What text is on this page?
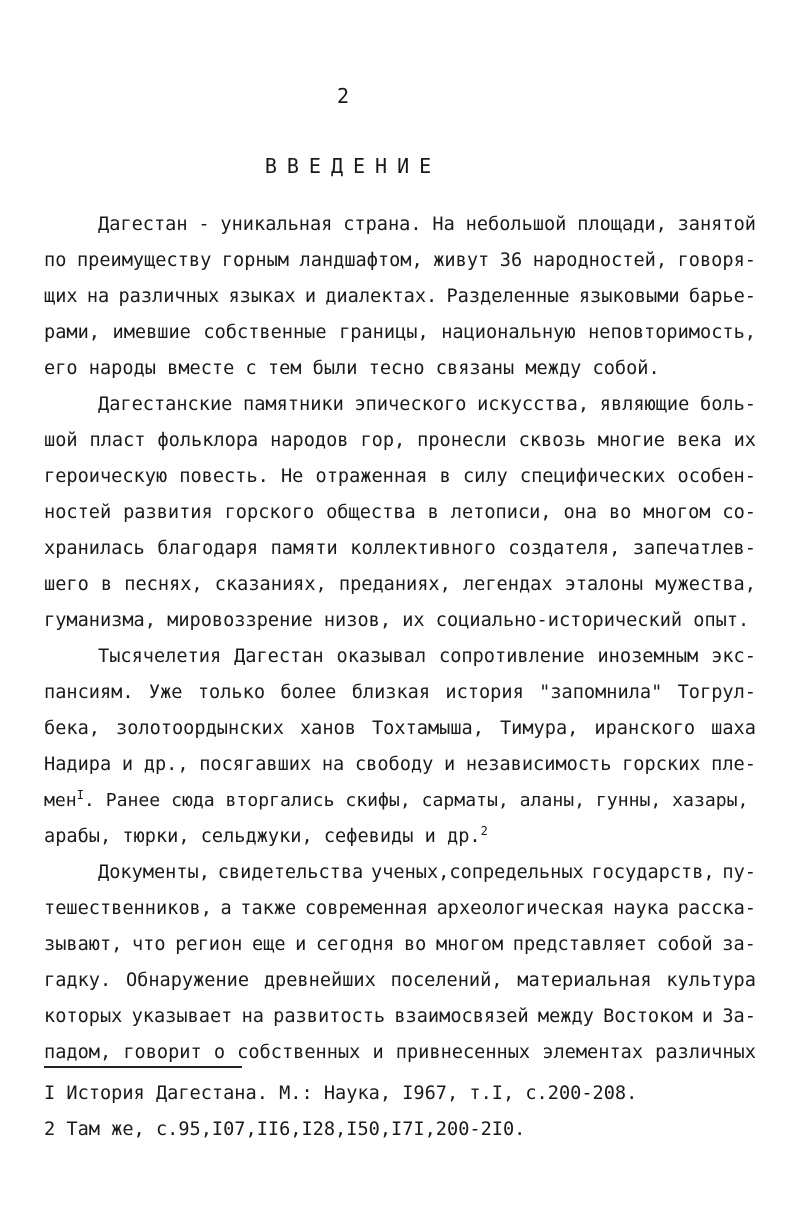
2
ВВЕДЕНИЕ
Дагестан - уникальная страна. На небольшой площади, занятой
по преимуществу горным ландшафтом, живут 36 народностей, говоря-
щих на различных языках и диалектах. Разделенные языковыми барье-
рами, имевшие собственные границы, национальную неповторимость,
его народы вместе с тем были тесно связаны между собой.
Дагестанские памятники эпического искусства, являющие боль-
шой пласт фольклора народов гор, пронесли сквозь многие века их
героическую повесть. Не отраженная в силу специфических особен-
ностей развития горского общества в летописи, она во многом со-
хранилась благодаря памяти коллективного создателя, запечатлев-
шего в песнях, сказаниях, преданиях, легендах эталоны мужества,
гуманизма, мировоззрение низов, их социально-исторический опыт.
Тысячелетия Дагестан оказывал сопротивление иноземным экс-
пансиям. Уже только более близкая история "запомнила" Тогрул-
бека, золотоордынских ханов Тохтамыша, Тимура, иранского шаха
Надира и др., посягавших на свободу и независимость горских пле-
мен$^I$. Ранее сюда вторгались скифы, сарматы, аланы, гунны, хазары,
арабы, тюрки, сельджуки, сефевиды и др.$^2$
Документы, свидетельства ученых,сопредельных государств, пу-
тешественников, а также современная археологическая наука расска-
зывают, что регион еще и сегодня во многом представляет собой за-
гадку. Обнаружение древнейших поселений, материальная культура
которых указывает на развитость взаимосвязей между Востоком и За-
падом, говорит о собственных и привнесенных элементах различных
I История Дагестана. М.: Наука, I967, т.I, с.200-208.
2 Там же, с.95,I07,II6,I28,I50,I7I,200-2I0.
